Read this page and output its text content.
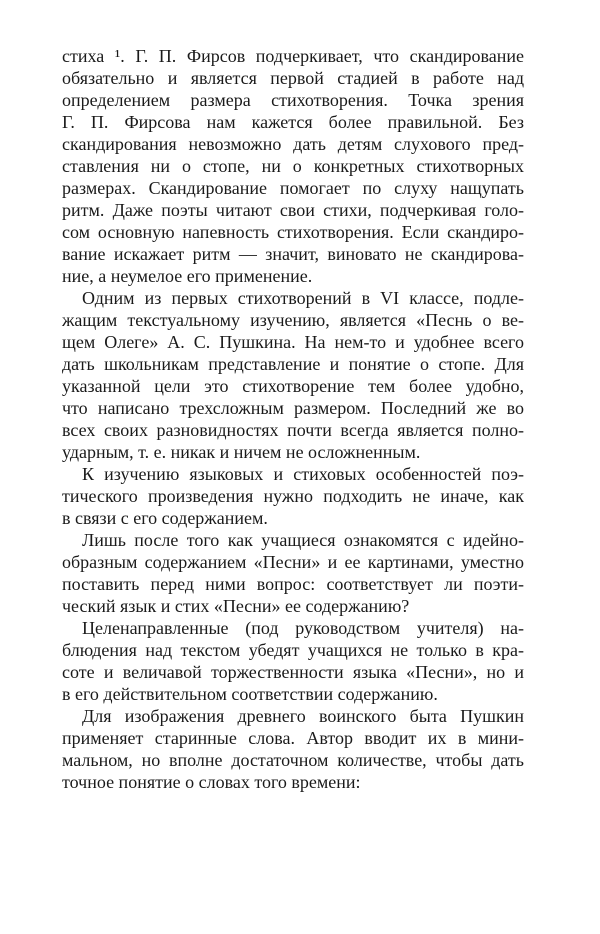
стиха ¹. Г. П. Фирсов подчеркивает, что скандирование
обязательно и является первой стадией в работе над
определением размера стихотворения. Точка зрения
Г. П. Фирсова нам кажется более правильной. Без
скандирования невозможно дать детям слухового пред-
ставления ни о стопе, ни о конкретных стихотворных
размерах. Скандирование помогает по слуху нащупать
ритм. Даже поэты читают свои стихи, подчеркивая голо-
сом основную напевность стихотворения. Если скандиро-
вание искажает ритм — значит, виновато не скандирова-
ние, а неумелое его применение.
Одним из первых стихотворений в VI классе, подле-
жащим текстуальному изучению, является «Песнь о ве-
щем Олеге» А. С. Пушкина. На нем-то и удобнее всего
дать школьникам представление и понятие о стопе. Для
указанной цели это стихотворение тем более удобно,
что написано трехсложным размером. Последний же во
всех своих разновидностях почти всегда является полно-
ударным, т. е. никак и ничем не осложненным.
К изучению языковых и стиховых особенностей поэ-
тического произведения нужно подходить не иначе, как
в связи с его содержанием.
Лишь после того как учащиеся ознакомятся с идейно-
образным содержанием «Песни» и ее картинами, уместно
поставить перед ними вопрос: соответствует ли поэти-
ческий язык и стих «Песни» ее содержанию?
Целенаправленные (под руководством учителя) на-
блюдения над текстом убедят учащихся не только в кра-
соте и величавой торжественности языка «Песни», но и
в его действительном соответствии содержанию.
Для изображения древнего воинского быта Пушкин
применяет старинные слова. Автор вводит их в мини-
мальном, но вполне достаточном количестве, чтобы дать
точное понятие о словах того времени:
